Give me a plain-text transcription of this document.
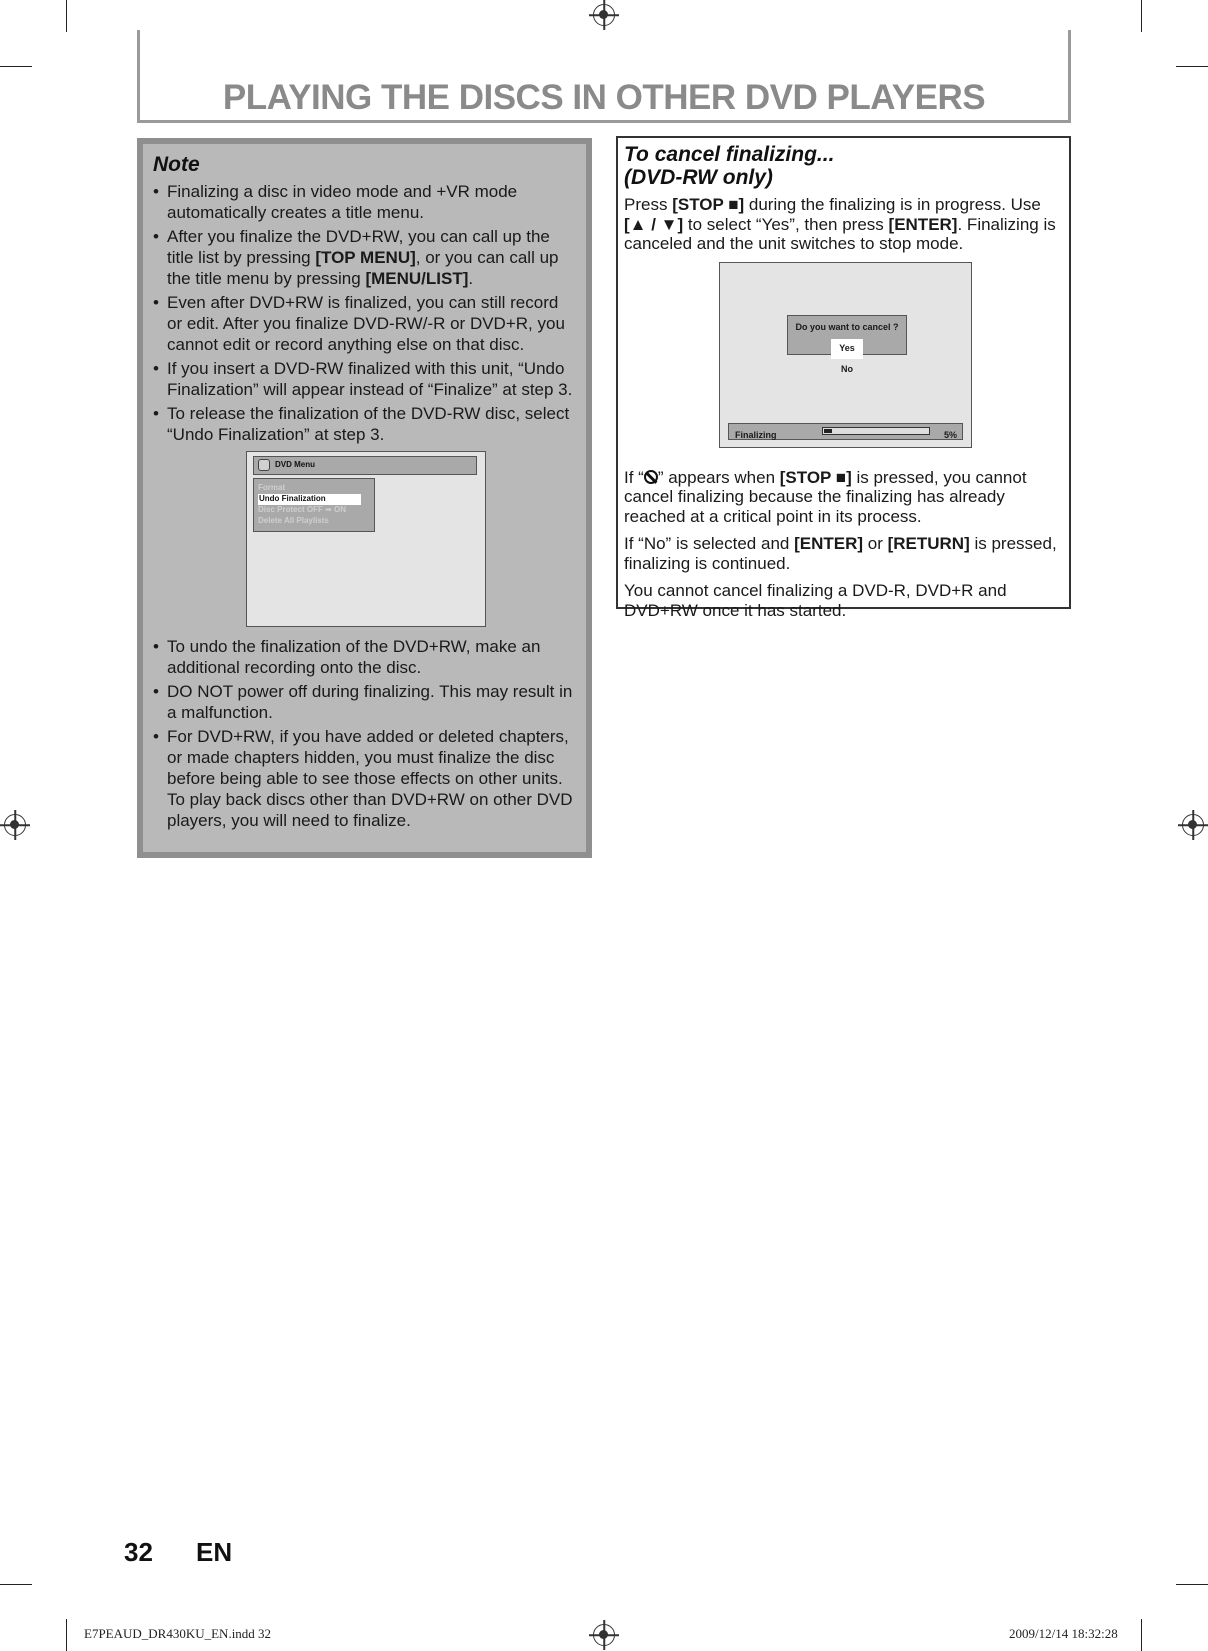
PLAYING THE DISCS IN OTHER DVD PLAYERS
Note
• Finalizing a disc in video mode and +VR mode automatically creates a title menu.
• After you finalize the DVD+RW, you can call up the title list by pressing [TOP MENU], or you can call up the title menu by pressing [MENU/LIST].
• Even after DVD+RW is finalized, you can still record or edit. After you finalize DVD-RW/-R or DVD+R, you cannot edit or record anything else on that disc.
• If you insert a DVD-RW finalized with this unit, “Undo Finalization” will appear instead of “Finalize” at step 3.
• To release the finalization of the DVD-RW disc, select “Undo Finalization” at step 3.
DVD Menu
Format
Undo Finalization
Disc Protect OFF ➡ ON
Delete All Playlists
• To undo the finalization of the DVD+RW, make an additional recording onto the disc.
• DO NOT power off during finalizing. This may result in a malfunction.
• For DVD+RW, if you have added or deleted chapters, or made chapters hidden, you must finalize the disc before being able to see those effects on other units. To play back discs other than DVD+RW on other DVD players, you will need to finalize.
To cancel finalizing...
(DVD-RW only)

Press [STOP ■] during the finalizing is in progress. Use [▲ / ▼] to select “Yes”, then press [ENTER]. Finalizing is canceled and the unit switches to stop mode.

Do you want to cancel ?
Yes
No
Finalizing	5%

If “ ” appears when [STOP ■] is pressed, you cannot cancel finalizing because the finalizing has already reached at a critical point in its process.

If “No” is selected and [ENTER] or [RETURN] is pressed, finalizing is continued.

You cannot cancel finalizing a DVD-R, DVD+R and DVD+RW once it has started.

32 EN
E7PEAUD_DR430KU_EN.indd 32	2009/12/14 18:32:28
